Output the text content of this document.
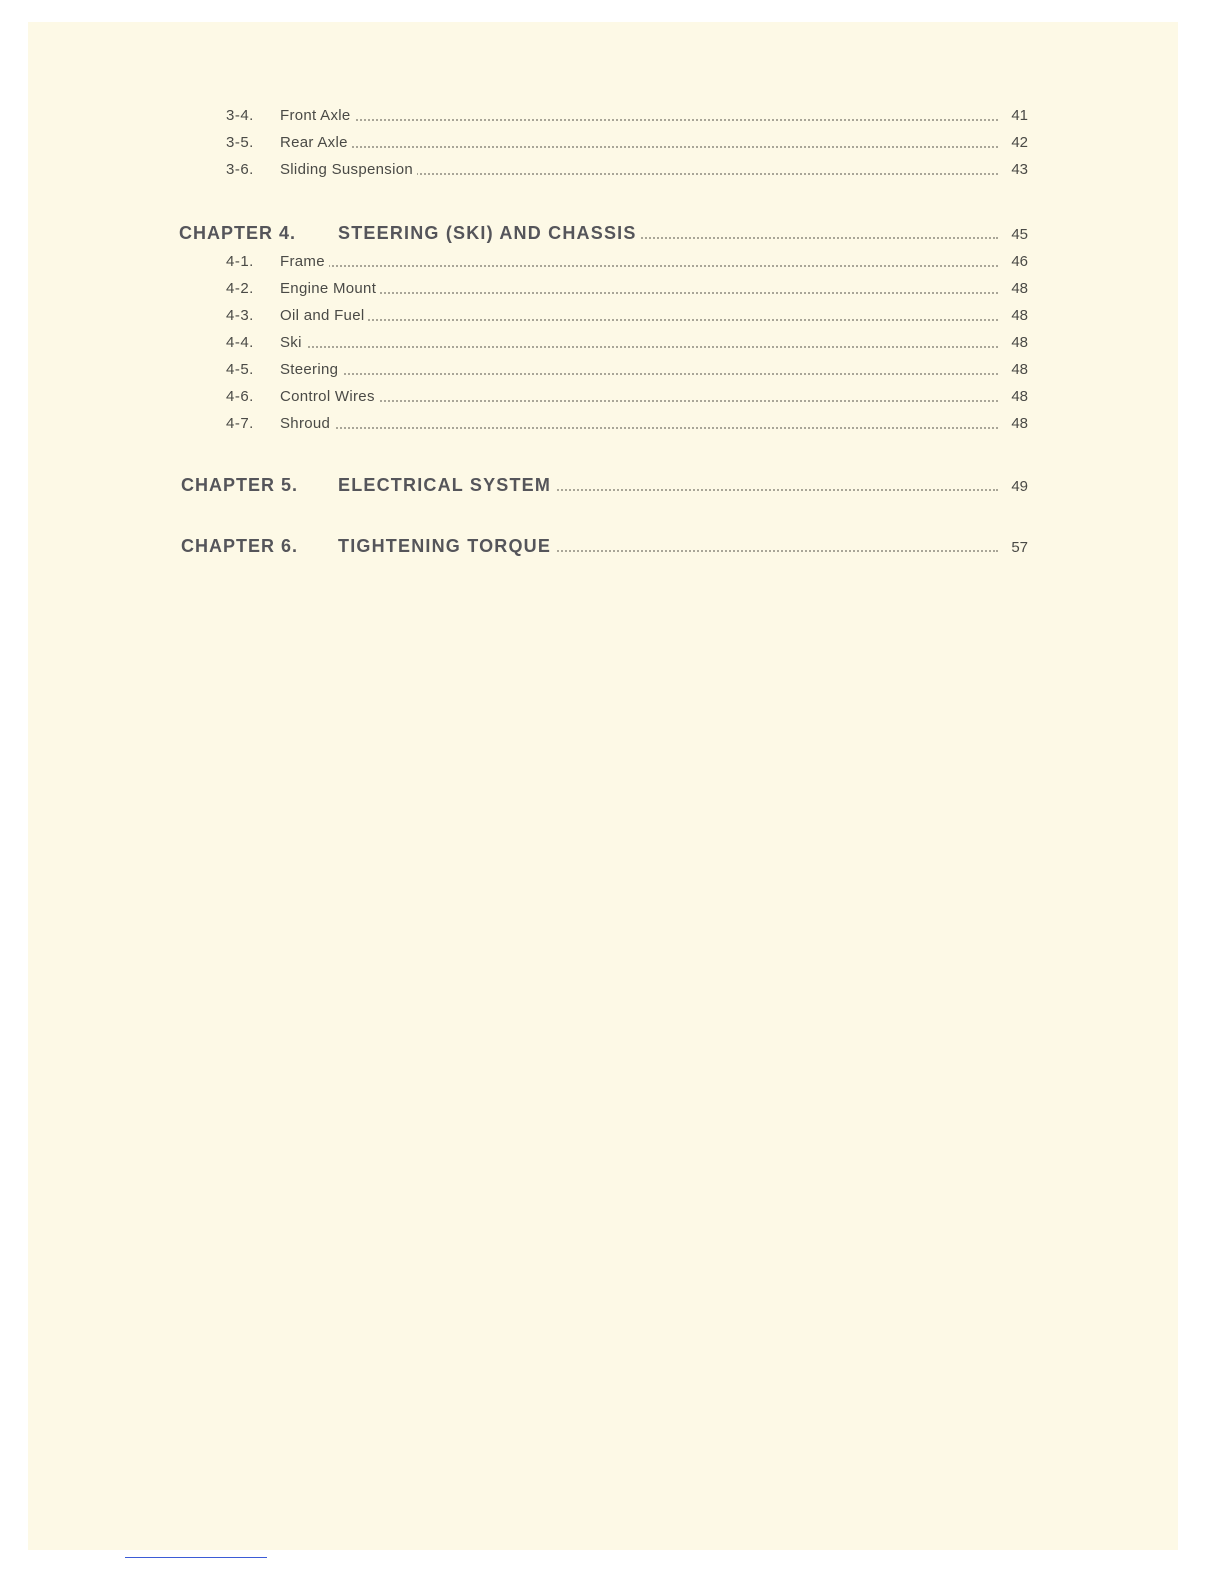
3-4. Front Axle	41
3-5. Rear Axle	42
3-6. Sliding Suspension	43
CHAPTER 4. STEERING (SKI) AND CHASSIS	45
4-1. Frame	46
4-2. Engine Mount	48
4-3. Oil and Fuel	48
4-4. Ski	48
4-5. Steering	48
4-6. Control Wires	48
4-7. Shroud	48
CHAPTER 5. ELECTRICAL SYSTEM	49
CHAPTER 6. TIGHTENING TORQUE	57
